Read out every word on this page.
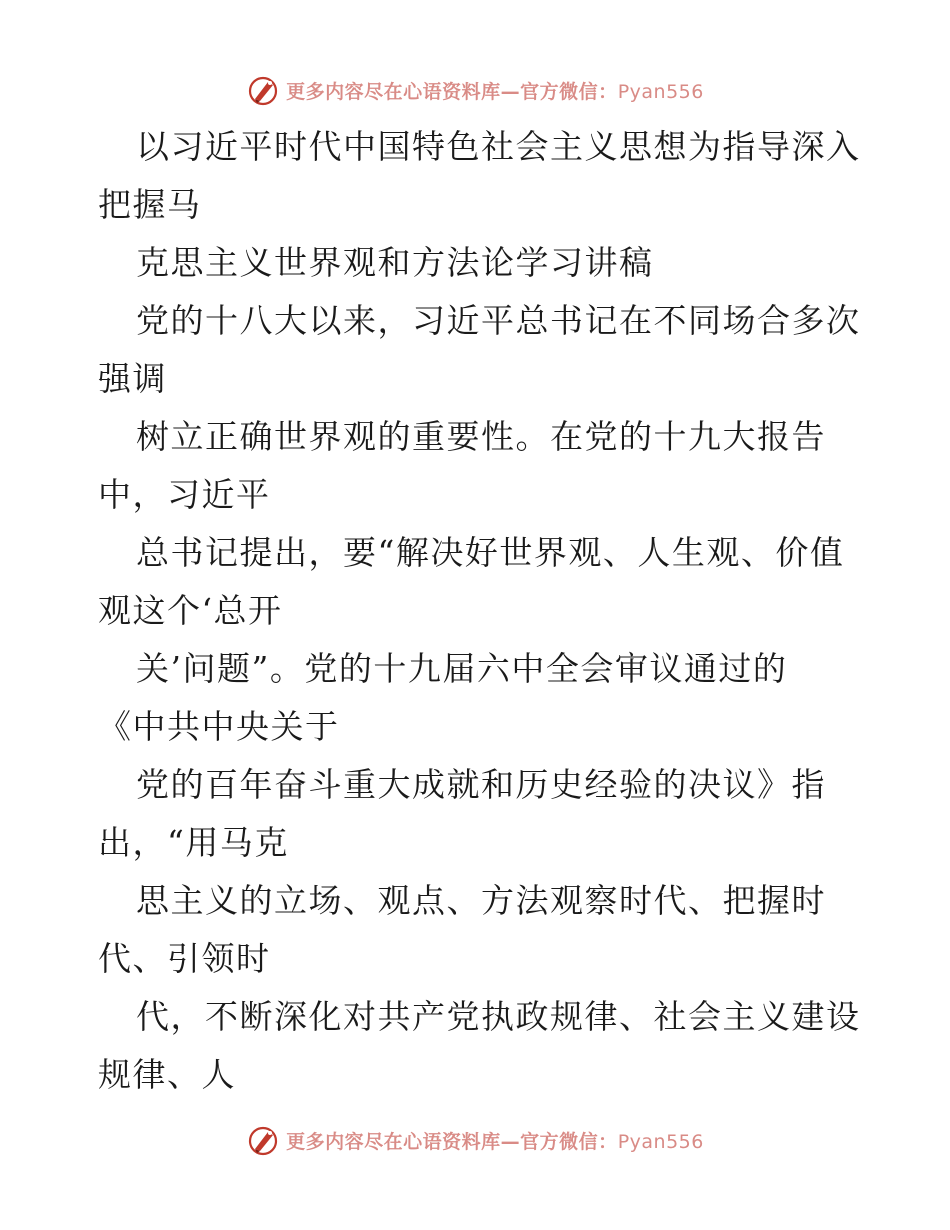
更多内容尽在心语资料库—官方微信：Pyan556
以习近平时代中国特色社会主义思想为指导深入
把握马
克思主义世界观和方法论学习讲稿
党的十八大以来，习近平总书记在不同场合多次
强调
树立正确世界观的重要性。在党的十九大报告
中，习近平
总书记提出，要“解决好世界观、人生观、价值
观这个‘总开
关’问题”。党的十九届六中全会审议通过的
《中共中央关于
党的百年奋斗重大成就和历史经验的决议》指
出，“用马克
思主义的立场、观点、方法观察时代、把握时
代、引领时
代，不断深化对共产党执政规律、社会主义建设
规律、人
更多内容尽在心语资料库—官方微信：Pyan556
